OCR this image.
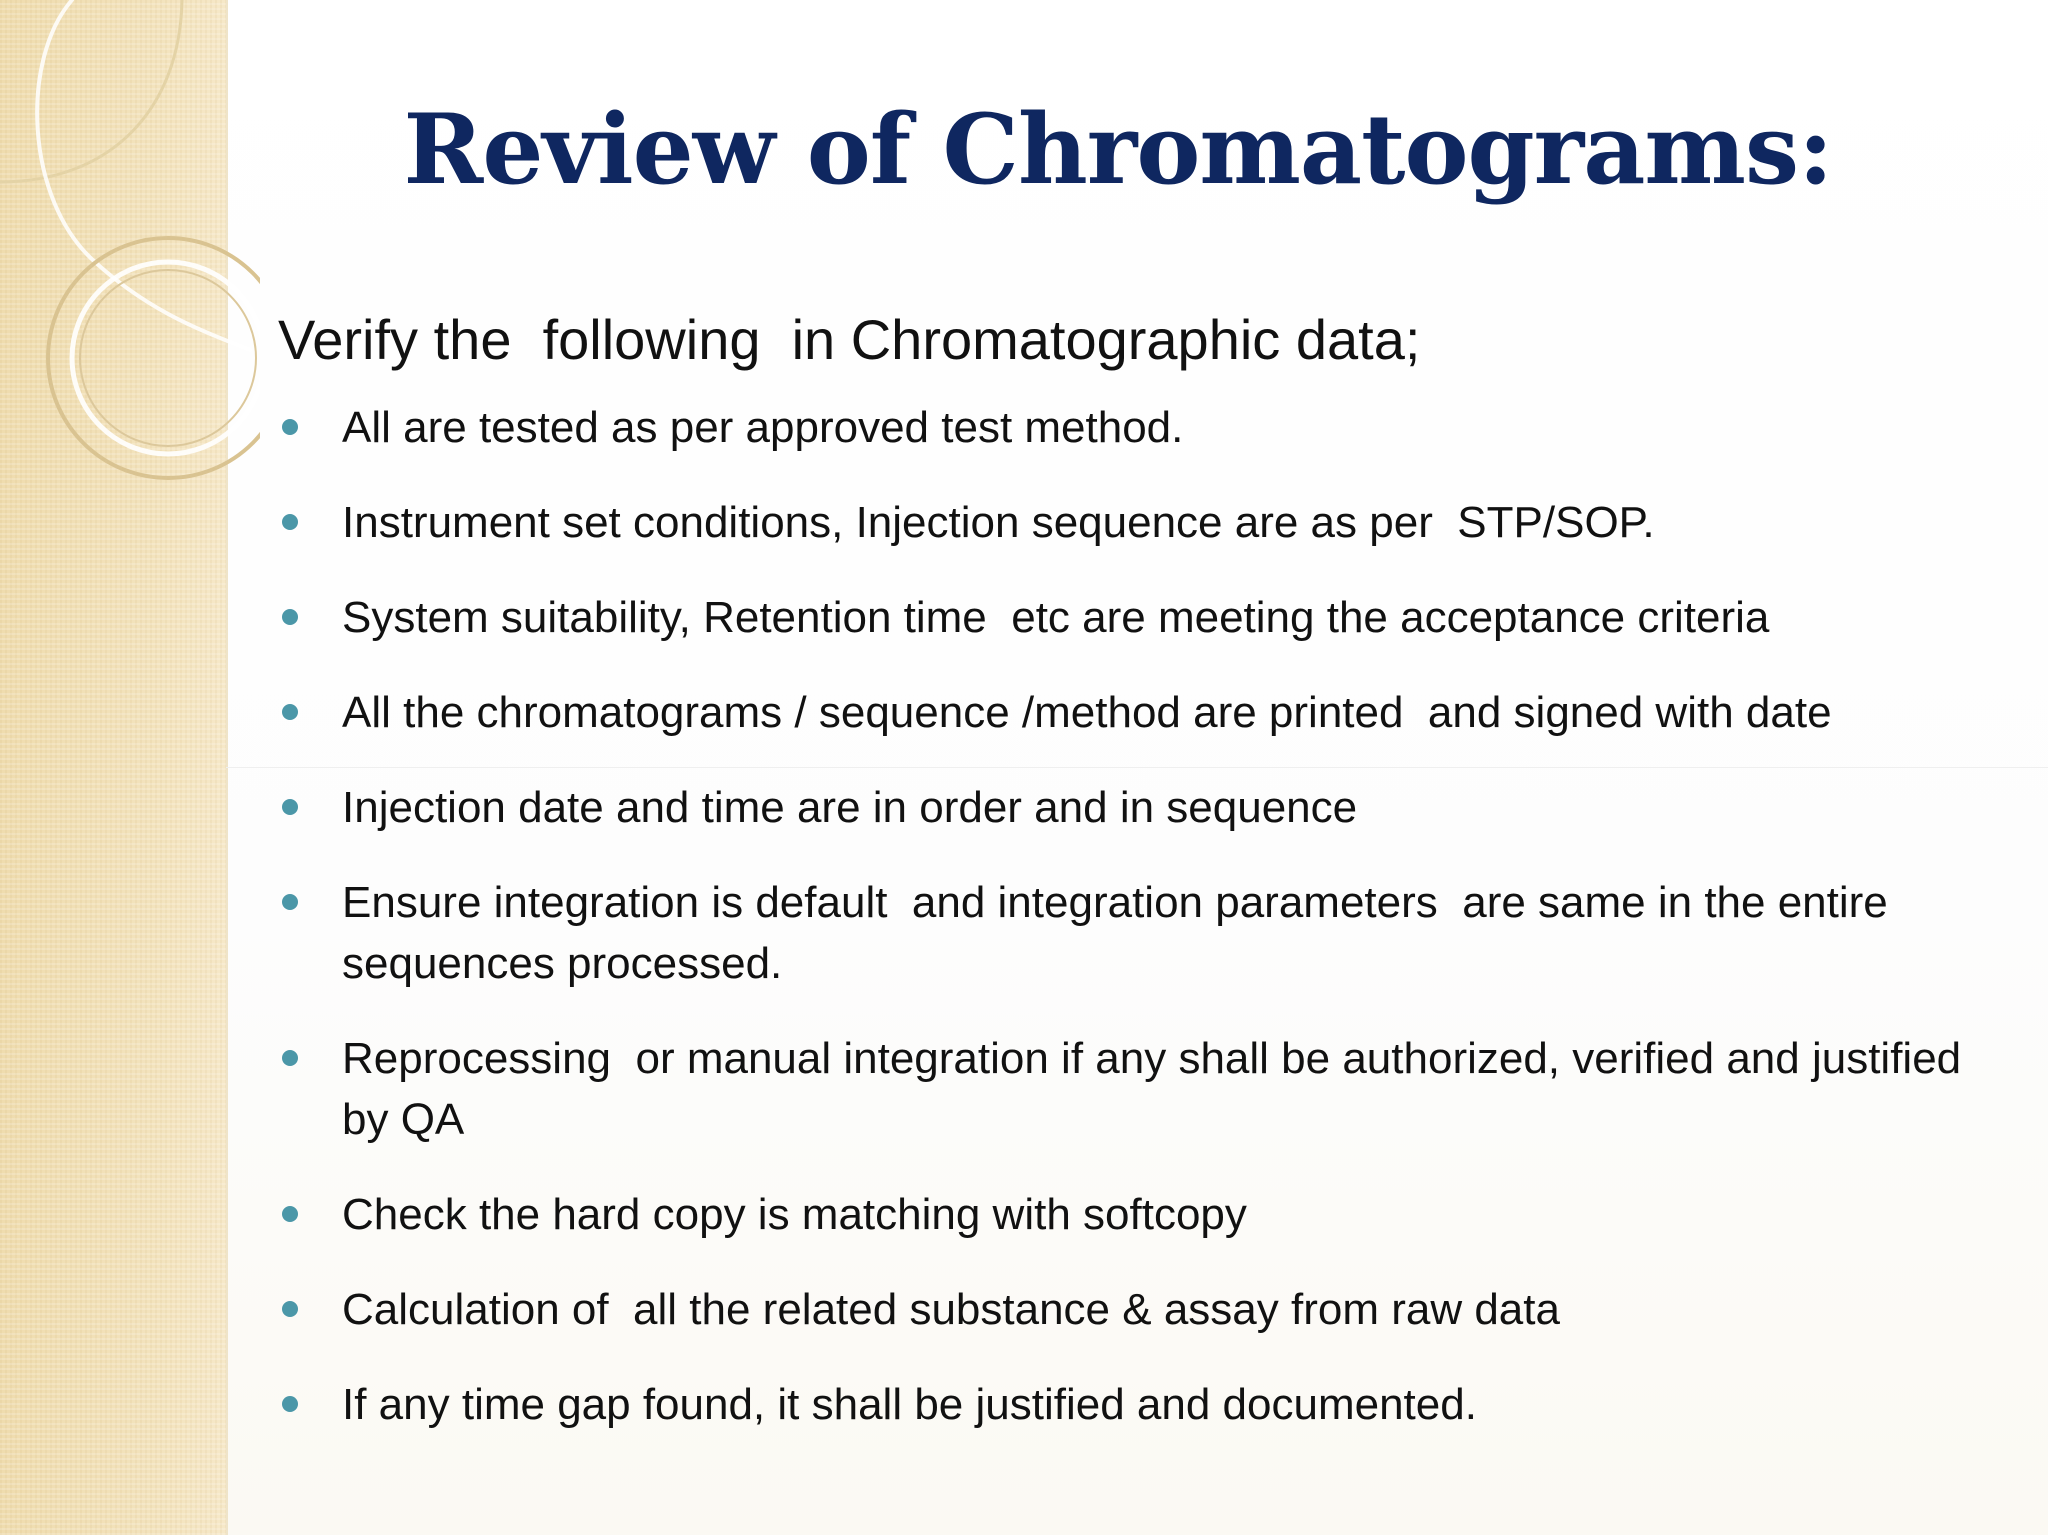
Review of Chromatograms:

Verify the  following  in Chromatographic data;

All are tested as per approved test method.
Instrument set conditions, Injection sequence are as per  STP/SOP.
System suitability, Retention time  etc are meeting the acceptance criteria
All the chromatograms / sequence /method are printed  and signed with date
Injection date and time are in order and in sequence
Ensure integration is default  and integration parameters  are same in the entire sequences processed.
Reprocessing  or manual integration if any shall be authorized, verified and justified by QA
Check the hard copy is matching with softcopy
Calculation of  all the related substance & assay from raw data
If any time gap found, it shall be justified and documented.
